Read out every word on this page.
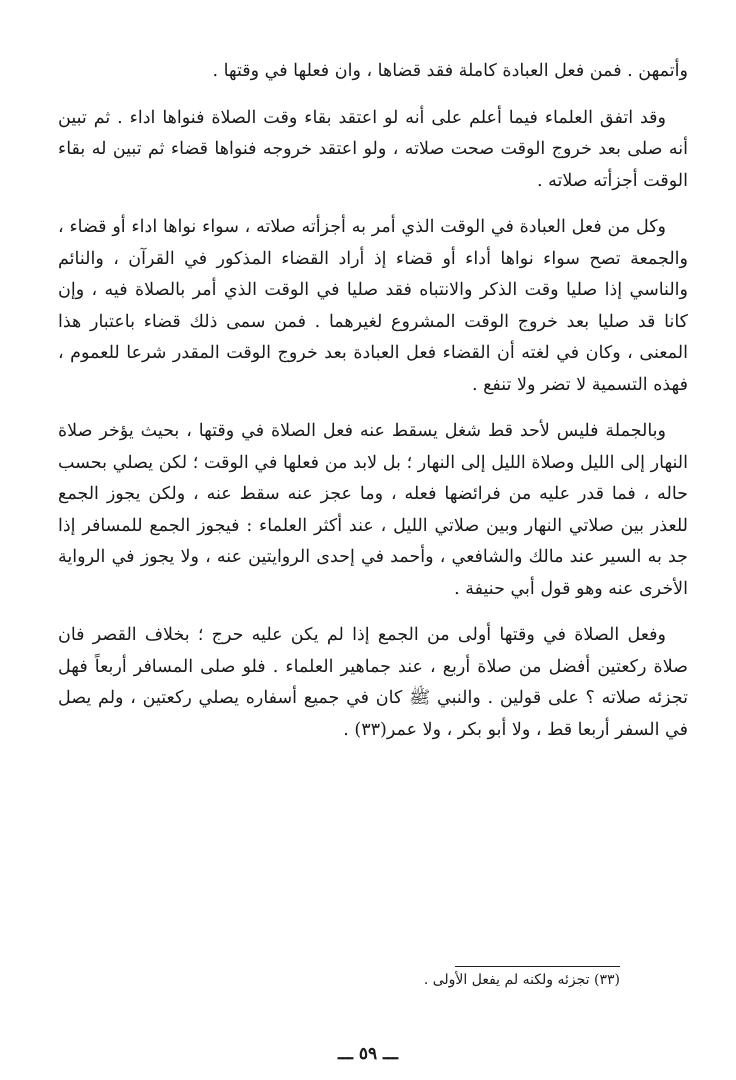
وأتمهن . فمن فعل العبادة كاملة فقد قضاها ، وان فعلها في وقتها .

وقد اتفق العلماء فيما أعلم على أنه لو اعتقد بقاء وقت الصلاة فنواها اداء . ثم تبين أنه صلى بعد خروج الوقت صحت صلاته ، ولو اعتقد خروجه فنواها قضاء ثم تبين له بقاء الوقت أجزأته صلاته .

وكل من فعل العبادة في الوقت الذي أمر به أجزأته صلاته ، سواء نواها اداء أو قضاء ، والجمعة تصح سواء نواها أداء أو قضاء إذ أراد القضاء المذكور في القرآن ، والنائم والناسي إذا صليا وقت الذكر والانتباه فقد صليا في الوقت الذي أمر بالصلاة فيه ، وإن كانا قد صليا بعد خروج الوقت المشروع لغيرهما . فمن سمى ذلك قضاء باعتبار هذا المعنى ، وكان في لغته أن القضاء فعل العبادة بعد خروج الوقت المقدر شرعا للعموم ، فهذه التسمية لا تضر ولا تنفع .

وبالجملة فليس لأحد قط شغل يسقط عنه فعل الصلاة في وقتها ، بحيث يؤخر صلاة النهار إلى الليل وصلاة الليل إلى النهار ؛ بل لابد من فعلها في الوقت ؛ لكن يصلي بحسب حاله ، فما قدر عليه من فرائضها فعله ، وما عجز عنه سقط عنه ، ولكن يجوز الجمع للعذر بين صلاتي النهار وبين صلاتي الليل ، عند أكثر العلماء : فيجوز الجمع للمسافر إذا جد به السير عند مالك والشافعي ، وأحمد في إحدى الروايتين عنه ، ولا يجوز في الرواية الأخرى عنه وهو قول أبي حنيفة .

وفعل الصلاة في وقتها أولى من الجمع إذا لم يكن عليه حرج ؛ بخلاف القصر فان صلاة ركعتين أفضل من صلاة أربع ، عند جماهير العلماء . فلو صلى المسافر أربعاً فهل تجزئه صلاته ؟ على قولين . والنبي ﷺ كان في جميع أسفاره يصلي ركعتين ، ولم يصل في السفر أربعا قط ، ولا أبو بكر ، ولا عمر(٣٣) .

(٣٣) تجزئه ولكنه لم يفعل الأولى .
ـــ ٥٩ ـــ
